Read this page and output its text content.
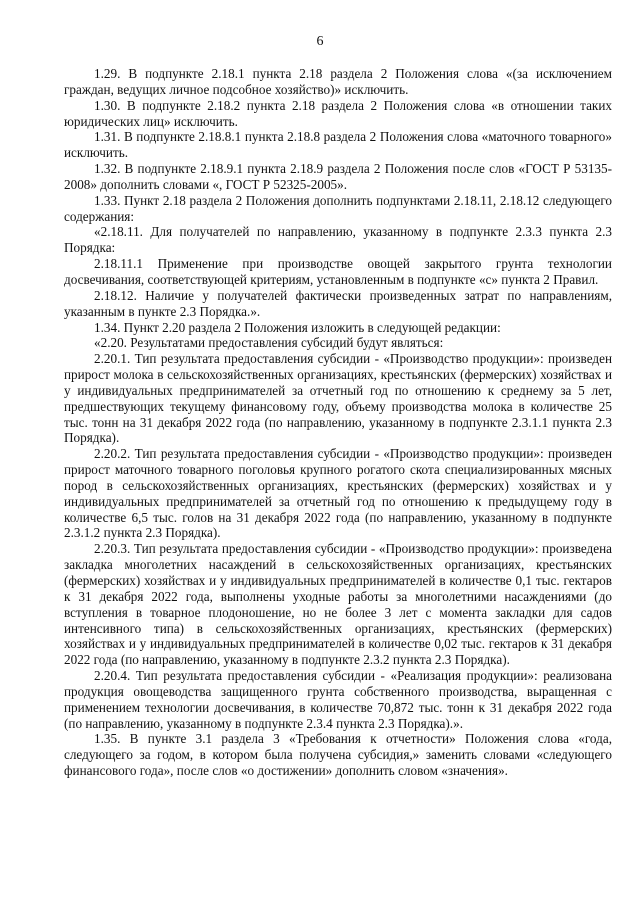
6

1.29. В подпункте 2.18.1 пункта 2.18 раздела 2 Положения слова «(за исключением граждан, ведущих личное подсобное хозяйство)» исключить.

1.30. В подпункте 2.18.2 пункта 2.18 раздела 2 Положения слова «в отношении таких юридических лиц» исключить.

1.31. В подпункте 2.18.8.1 пункта 2.18.8 раздела 2 Положения слова «маточного товарного» исключить.

1.32. В подпункте 2.18.9.1 пункта 2.18.9 раздела 2 Положения после слов «ГОСТ Р 53135-2008» дополнить словами «, ГОСТ Р 52325-2005».

1.33. Пункт 2.18 раздела 2 Положения дополнить подпунктами 2.18.11, 2.18.12 следующего содержания:

«2.18.11. Для получателей по направлению, указанному в подпункте 2.3.3 пункта 2.3 Порядка:

2.18.11.1 Применение при производстве овощей закрытого грунта технологии досвечивания, соответствующей критериям, установленным в подпункте «с» пункта 2 Правил.

2.18.12. Наличие у получателей фактически произведенных затрат по направлениям, указанным в пункте 2.3 Порядка.».

1.34. Пункт 2.20 раздела 2 Положения изложить в следующей редакции:

«2.20. Результатами предоставления субсидий будут являться:

2.20.1. Тип результата предоставления субсидии - «Производство продукции»: произведен прирост молока в сельскохозяйственных организациях, крестьянских (фермерских) хозяйствах и у индивидуальных предпринимателей за отчетный год по отношению к среднему за 5 лет, предшествующих текущему финансовому году, объему производства молока в количестве 25 тыс. тонн на 31 декабря 2022 года (по направлению, указанному в подпункте 2.3.1.1 пункта 2.3 Порядка).

2.20.2. Тип результата предоставления субсидии - «Производство продукции»: произведен прирост маточного товарного поголовья крупного рогатого скота специализированных мясных пород в сельскохозяйственных организациях, крестьянских (фермерских) хозяйствах и у индивидуальных предпринимателей за отчетный год по отношению к предыдущему году в количестве 6,5 тыс. голов на 31 декабря 2022 года (по направлению, указанному в подпункте 2.3.1.2 пункта 2.3 Порядка).

2.20.3. Тип результата предоставления субсидии - «Производство продукции»: произведена закладка многолетних насаждений в сельскохозяйственных организациях, крестьянских (фермерских) хозяйствах и у индивидуальных предпринимателей в количестве 0,1 тыс. гектаров к 31 декабря 2022 года, выполнены уходные работы за многолетними насаждениями (до вступления в товарное плодоношение, но не более 3 лет с момента закладки для садов интенсивного типа) в сельскохозяйственных организациях, крестьянских (фермерских) хозяйствах и у индивидуальных предпринимателей в количестве 0,02 тыс. гектаров к 31 декабря 2022 года (по направлению, указанному в подпункте 2.3.2 пункта 2.3 Порядка).

2.20.4. Тип результата предоставления субсидии - «Реализация продукции»: реализована продукция овощеводства защищенного грунта собственного производства, выращенная с применением технологии досвечивания, в количестве 70,872 тыс. тонн к 31 декабря 2022 года (по направлению, указанному в подпункте 2.3.4 пункта 2.3 Порядка).».

1.35. В пункте 3.1 раздела 3 «Требования к отчетности» Положения слова «года, следующего за годом, в котором была получена субсидия,» заменить словами «следующего финансового года», после слов «о достижении» дополнить словом «значения».
